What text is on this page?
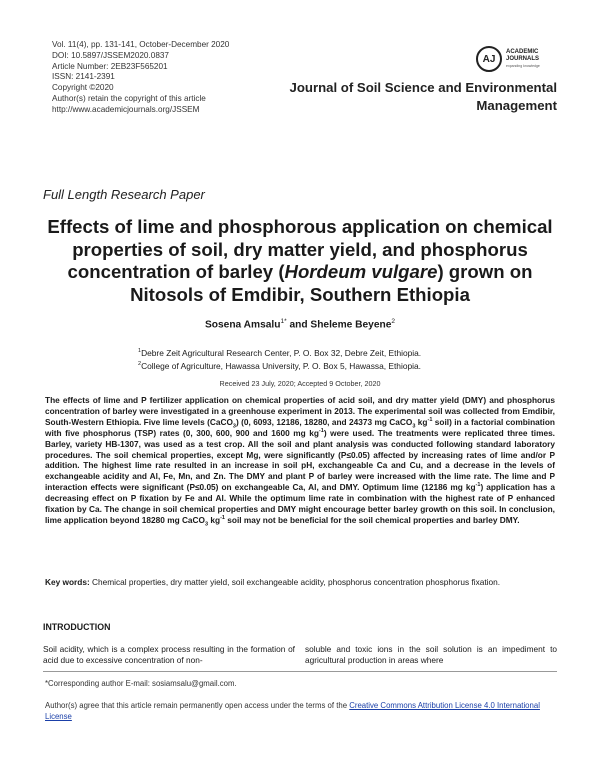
Vol. 11(4), pp. 131-141, October-December 2020
DOI: 10.5897/JSSEM2020.0837
Article Number: 2EB23F565201
ISSN: 2141-2391
Copyright ©2020
Author(s) retain the copyright of this article
http://www.academicjournals.org/JSSEM
AJ
ACADEMIC
JOURNALS
expanding knowledge
Journal of Soil Science and Environmental
Management
Full Length Research Paper
Effects of lime and phosphorous application on chemical properties of soil, dry matter yield, and phosphorus concentration of barley (Hordeum vulgare) grown on Nitosols of Emdibir, Southern Ethiopia
Sosena Amsalu$^{1*}$ and Sheleme Beyene$^2$
$^1$Debre Zeit Agricultural Research Center, P. O. Box 32, Debre Zeit, Ethiopia.
$^2$College of Agriculture, Hawassa University, P. O. Box 5, Hawassa, Ethiopia.
Received 23 July, 2020; Accepted 9 October, 2020
The effects of lime and P fertilizer application on chemical properties of acid soil, and dry matter yield (DMY) and phosphorus concentration of barley were investigated in a greenhouse experiment in 2013. The experimental soil was collected from Emdibir, South-Western Ethiopia. Five lime levels (CaCO$_3$) (0, 6093, 12186, 18280, and 24373 mg CaCO$_3$ $kg^{-1}$ soil) in a factorial combination with five phosphorus (TSP) rates (0, 300, 600, 900 and 1600 mg $kg^{-1}$) were used. The treatments were replicated three times. Barley, variety HB-1307, was used as a test crop. All the soil and plant analysis was conducted following standard laboratory procedures. The soil chemical properties, except Mg, were significantly (P≤0.05) affected by increasing rates of lime and/or P addition. The highest lime rate resulted in an increase in soil pH, exchangeable Ca and Cu, and a decrease in the levels of exchangeable acidity and Al, Fe, Mn, and Zn. The DMY and plant P of barley were increased with the lime rate. The lime and P interaction effects were significant (P≤0.05) on exchangeable Ca, Al, and DMY. Optimum lime (12186 mg $kg^{-1}$) application has a decreasing effect on P fixation by Fe and Al. While the optimum lime rate in combination with the highest rate of P enhanced fixation by Ca. The change in soil chemical properties and DMY might encourage better barley growth on this soil. In conclusion, lime application beyond 18280 mg CaCO$_3$ $kg^{-1}$ soil may not be beneficial for the soil chemical properties and barley DMY.
Key words: Chemical properties, dry matter yield, soil exchangeable acidity, phosphorus concentration phosphorus fixation.
INTRODUCTION
Soil acidity, which is a complex process resulting in the formation of acid due to excessive concentration of non-
soluble and toxic ions in the soil solution is an impediment to agricultural production in areas where
*Corresponding author E-mail: sosiamsalu@gmail.com.
Author(s) agree that this article remain permanently open access under the terms of the Creative Commons Attribution License 4.0 International License
